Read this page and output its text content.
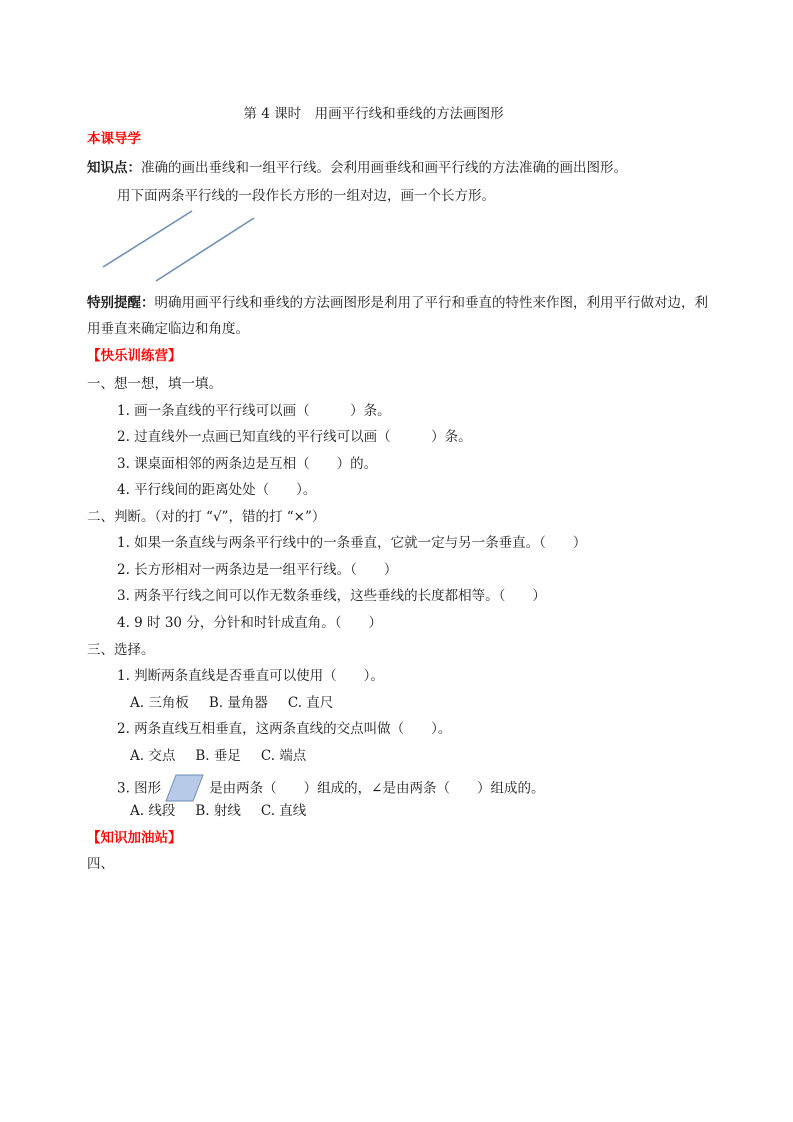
第 4 课时　用画平行线和垂线的方法画图形
本课导学
知识点：准确的画出垂线和一组平行线。会利用画垂线和画平行线的方法准确的画出图形。
用下面两条平行线的一段作长方形的一组对边，画一个长方形。
特别提醒：明确用画平行线和垂线的方法画图形是利用了平行和垂直的特性来作图，利用平行做对边，利
用垂直来确定临边和角度。
【快乐训练营】
一、想一想，填一填。
1. 画一条直线的平行线可以画（　　　）条。
2. 过直线外一点画已知直线的平行线可以画（　　　）条。
3. 课桌面相邻的两条边是互相（　　）的。
4. 平行线间的距离处处（　　）。
二、判断。（对的打 “√”，错的打 “×”）
1. 如果一条直线与两条平行线中的一条垂直，它就一定与另一条垂直。（　　）
2. 长方形相对一两条边是一组平行线。（　　）
3. 两条平行线之间可以作无数条垂线，这些垂线的长度都相等。（　　）
4. 9 时 30 分，分针和时针成直角。（　　）
三、选择。
1. 判断两条直线是否垂直可以使用（　　）。
A. 三角板 B. 量角器 C. 直尺
2. 两条直线互相垂直，这两条直线的交点叫做（　　）。
A. 交点 B. 垂足 C. 端点
3. 图形	是由两条（　　）组成的，∠是由两条（　　）组成的。
A. 线段 B. 射线 C. 直线
【知识加油站】
四、
